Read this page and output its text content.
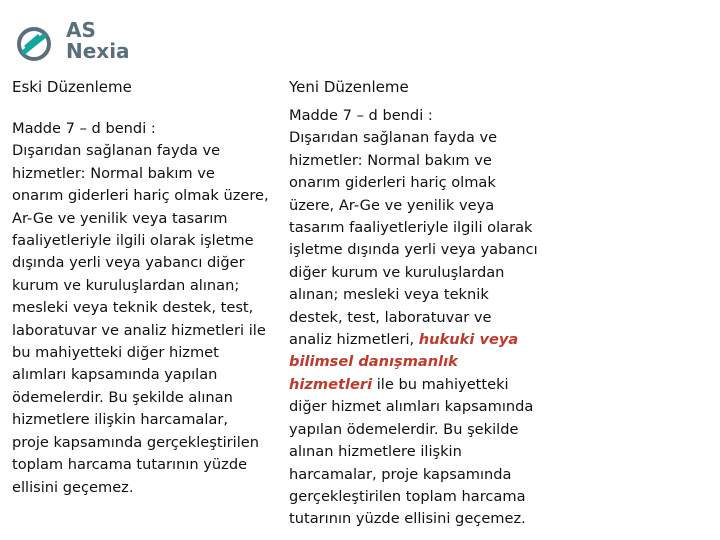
AS
Nexia
Eski Düzenleme	Yeni Düzenleme
Madde 7 – d bendi :
Dışarıdan sağlanan fayda ve
hizmetler: Normal bakım ve
onarım giderleri hariç olmak üzere,
Ar-Ge ve yenilik veya tasarım
faaliyetleriyle ilgili olarak işletme
dışında yerli veya yabancı diğer
kurum ve kuruluşlardan alınan;
mesleki veya teknik destek, test,
laboratuvar ve analiz hizmetleri ile
bu mahiyetteki diğer hizmet
alımları kapsamında yapılan
ödemelerdir. Bu şekilde alınan
hizmetlere ilişkin harcamalar,
proje kapsamında gerçekleştirilen
toplam harcama tutarının yüzde
ellisini geçemez.
Madde 7 – d bendi :
Dışarıdan sağlanan fayda ve
hizmetler: Normal bakım ve
onarım giderleri hariç olmak
üzere, Ar-Ge ve yenilik veya
tasarım faaliyetleriyle ilgili olarak
işletme dışında yerli veya yabancı
diğer kurum ve kuruluşlardan
alınan; mesleki veya teknik
destek, test, laboratuvar ve
analiz hizmetleri, hukuki veya
bilimsel danışmanlık
hizmetleri ile bu mahiyetteki
diğer hizmet alımları kapsamında
yapılan ödemelerdir. Bu şekilde
alınan hizmetlere ilişkin
harcamalar, proje kapsamında
gerçekleştirilen toplam harcama
tutarının yüzde ellisini geçemez.
